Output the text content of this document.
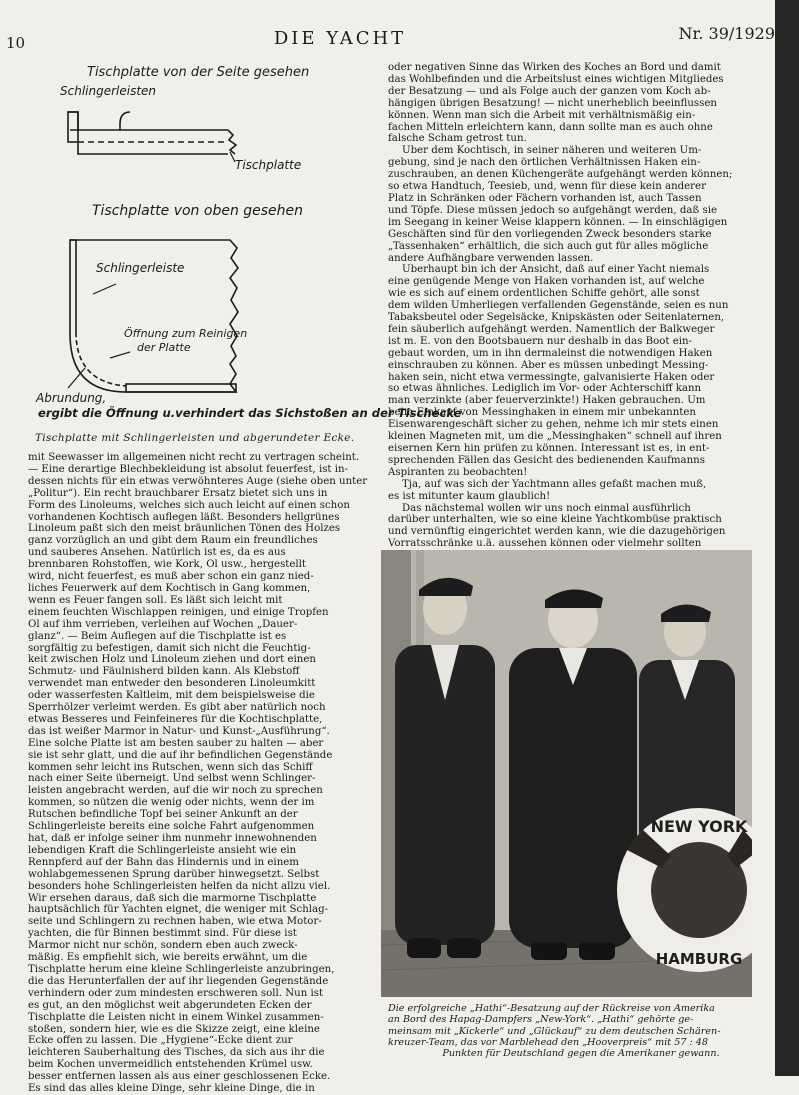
10	DIE YACHT	Nr. 39/1929
Tischplatte von der Seite gesehen
Schlingerleisten
Tischplatte
Tischplatte von oben gesehen
Schlingerleiste
Öffnung zum Reinigen
der Platte
Abrundung,
ergibt die Öffnung u.verhindert das Sichstoßen an der Tischecke
Tischplatte mit Schlingerleisten und abgerundeter Ecke.

mit Seewasser im allgemeinen nicht recht zu vertragen scheint.

— Eine derartige Blechbekleidung ist absolut feuerfest, ist in-

dessen nichts für ein etwas verwöhnteres Auge (siehe oben unter

„Politur“). Ein recht brauchbarer Ersatz bietet sich uns in

Form des Linoleums, welches sich auch leicht auf einen schon

vorhandenen Kochtisch auflegen läßt. Besonders hellgrünes

Linoleum paßt sich den meist bräunlichen Tönen des Holzes

ganz vorzüglich an und gibt dem Raum ein freundliches

und sauberes Ansehen. Natürlich ist es, da es aus

brennbaren Rohstoffen, wie Kork, Öl usw., hergestellt

wird, nicht feuerfest, es muß aber schon ein ganz nied-

liches Feuerwerk auf dem Kochtisch in Gang kommen,

wenn es Feuer fangen soll. Es läßt sich leicht mit

einem feuchten Wischlappen reinigen, und einige Tropfen

Öl auf ihm verrieben, verleihen auf Wochen „Dauer-

glanz“. — Beim Auflegen auf die Tischplatte ist es

sorgfältig zu befestigen, damit sich nicht die Feuchtig-

keit zwischen Holz und Linoleum ziehen und dort einen

Schmutz- und Fäulnisherd bilden kann. Als Klebstoff

verwendet man entweder den besonderen Linoleumkitt

oder wasserfesten Kaltleim, mit dem beispielsweise die

Sperrhölzer verleimt werden. Es gibt aber natürlich noch

etwas Besseres und Feinfeineres für die Kochtischplatte,

das ist weißer Marmor in Natur- und Kunst-„Ausführung“.

Eine solche Platte ist am besten sauber zu halten — aber

sie ist sehr glatt, und die auf ihr befindlichen Gegenstände

kommen sehr leicht ins Rutschen, wenn sich das Schiff

nach einer Seite überneigt. Und selbst wenn Schlinger-

leisten angebracht werden, auf die wir noch zu sprechen

kommen, so nützen die wenig oder nichts, wenn der im

Rutschen befindliche Topf bei seiner Ankunft an der

Schlingerleiste bereits eine solche Fahrt aufgenommen

hat, daß er infolge seiner ihm nunmehr innewohnenden

lebendigen Kraft die Schlingerleiste ansieht wie ein

Rennpferd auf der Bahn das Hindernis und in einem

wohlabgemessenen Sprung darüber hinwegsetzt. Selbst

besonders hohe Schlingerleisten helfen da nicht allzu viel.

Wir ersehen daraus, daß sich die marmorne Tischplatte

hauptsächlich für Yachten eignet, die weniger mit Schlag-

seite und Schlingern zu rechnen haben, wie etwa Motor-

yachten, die für Binnen bestimmt sind. Für diese ist

Marmor nicht nur schön, sondern eben auch zweck-

mäßig. Es empfiehlt sich, wie bereits erwähnt, um die

Tischplatte herum eine kleine Schlingerleiste anzubringen,

die das Herunterfallen der auf ihr liegenden Gegenstände

verhindern oder zum mindesten erschweren soll. Nun ist

es gut, an den möglichst weit abgerundeten Ecken der

Tischplatte die Leisten nicht in einem Winkel zusammen-

stoßen, sondern hier, wie es die Skizze zeigt, eine kleine

Ecke offen zu lassen. Die „Hygiene“-Ecke dient zur

leichteren Sauberhaltung des Tisches, da sich aus ihr die

beim Kochen unvermeidlich entstehenden Krümel usw.

besser entfernen lassen als aus einer geschlossenen Ecke.

Es sind das alles kleine Dinge, sehr kleine Dinge, die in

oder negativen Sinne das Wirken des Koches an Bord und damit

das Wohlbefinden und die Arbeitslust eines wichtigen Mitgliedes

der Besatzung — und als Folge auch der ganzen vom Koch ab-

hängigen übrigen Besatzung! — nicht unerheblich beeinflussen

können. Wenn man sich die Arbeit mit verhältnismäßig ein-

fachen Mitteln erleichtern kann, dann sollte man es auch ohne

falsche Scham getrost tun.

Über dem Kochtisch, in seiner näheren und weiteren Um-

gebung, sind je nach den örtlichen Verhältnissen Haken ein-

zuschrauben, an denen Küchengeräte aufgehängt werden können;

so etwa Handtuch, Teesieb, und, wenn für diese kein anderer

Platz in Schränken oder Fächern vorhanden ist, auch Tassen

und Töpfe. Diese müssen jedoch so aufgehängt werden, daß sie

im Seegang in keiner Weise klappern können. — In einschlägigen

Geschäften sind für den vorliegenden Zweck besonders starke

„Tassenhaken“ erhältlich, die sich auch gut für alles mögliche

andere Aufhängbare verwenden lassen.

Überhaupt bin ich der Ansicht, daß auf einer Yacht niemals

eine genügende Menge von Haken vorhanden ist, auf welche

wie es sich auf einem ordentlichen Schiffe gehört, alle sonst

dem wilden Umherliegen verfallenden Gegenstände, seien es nun

Tabaksbeutel oder Segelsäcke, Knipskästen oder Seitenlaternen,

fein säuberlich aufgehängt werden. Namentlich der Balkweger

ist m. E. von den Bootsbauern nur deshalb in das Boot ein-

gebaut worden, um in ihn dermaleinst die notwendigen Haken

einschrauben zu können. Aber es müssen unbedingt Messing-

haken sein, nicht etwa vermessingte, galvanisierte Haken oder

so etwas ähnliches. Lediglich im Vor- oder Achterschiff kann

man verzinkte (aber feuerverzinkte!) Haken gebrauchen. Um

beim Einkauf von Messinghaken in einem mir unbekannten

Eisenwarengeschäft sicher zu gehen, nehme ich mir stets einen

kleinen Magneten mit, um die „Messinghaken“ schnell auf ihren

eisernen Kern hin prüfen zu können. Interessant ist es, in ent-

sprechenden Fällen das Gesicht des bedienenden Kaufmanns

Aspiranten zu beobachten!

Tja, auf was sich der Yachtmann alles gefaßt machen muß,

es ist mitunter kaum glaublich!

Das nächstemal wollen wir uns noch einmal ausführlich

darüber unterhalten, wie so eine kleine Yachtkombüse praktisch

und vernünftig eingerichtet werden kann, wie die dazugehörigen

Vorratsschränke u.ä. aussehen können oder vielmehr sollten

NEW YORK
HAMBURG
Die erfolgreiche „Hathi“-Besatzung auf der Rückreise von Amerika
an Bord des Hapag-Dampfers „New-York“. „Hathi“ gehörte ge-
meinsam mit „Kickerle“ und „Glückauf“ zu dem deutschen Schären-
kreuzer-Team, das vor Marblehead den „Hooverpreis“ mit 57 : 48
Punkten für Deutschland gegen die Amerikaner gewann.
